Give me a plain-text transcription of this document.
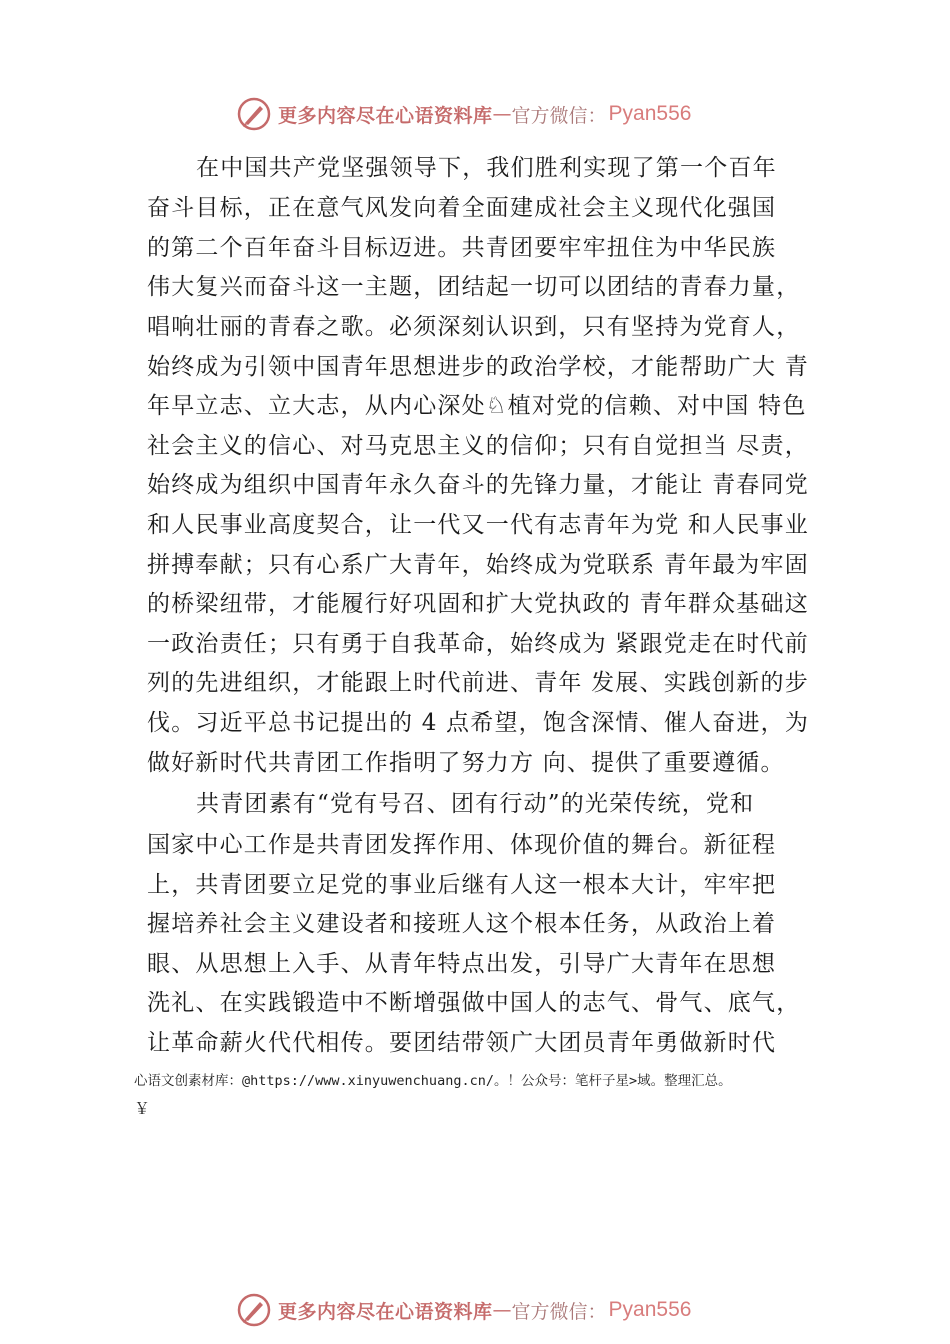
更多内容尽在心语资料库 — 官方微信： Pyan556
在中国共产党坚强领导下，我们胜利实现了第一个百年
奋斗目标，正在意气风发向着全面建成社会主义现代化强国
的第二个百年奋斗目标迈进。共青团要牢牢扭住为中华民族
伟大复兴而奋斗这一主题，团结起一切可以团结的青春力量，
唱响壮丽的青春之歌。必须深刻认识到，只有坚持为党育人，
始终成为引领中国青年思想进步的政治学校，才能帮助广大 青
年早立志、立大志，从内心深处♘植对党的信赖、对中国 特色
社会主义的信心、对马克思主义的信仰；只有自觉担当 尽责，
始终成为组织中国青年永久奋斗的先锋力量，才能让 青春同党
和人民事业高度契合，让一代又一代有志青年为党 和人民事业
拼搏奉献；只有心系广大青年，始终成为党联系 青年最为牢固
的桥梁纽带，才能履行好巩固和扩大党执政的 青年群众基础这
一政治责任；只有勇于自我革命，始终成为 紧跟党走在时代前
列的先进组织，才能跟上时代前进、青年 发展、实践创新的步
伐。习近平总书记提出的 4 点希望，饱含深情、催人奋进，为
做好新时代共青团工作指明了努力方 向、提供了重要遵循。
共青团素有“党有号召、团有行动”的光荣传统，党和
国家中心工作是共青团发挥作用、体现价值的舞台。新征程
上，共青团要立足党的事业后继有人这一根本大计，牢牢把
握培养社会主义建设者和接班人这个根本任务，从政治上着
眼、从思想上入手、从青年特点出发，引导广大青年在思想
洗礼、在实践锻造中不断增强做中国人的志气、骨气、底气，
让革命薪火代代相传。要团结带领广大团员青年勇做新时代
心语文创素材库：@https://www.xinyuwenchuang.cn/。！公众号：笔杆子星>域。整理汇总。
￥
更多内容尽在心语资料库 — 官方微信： Pyan556
